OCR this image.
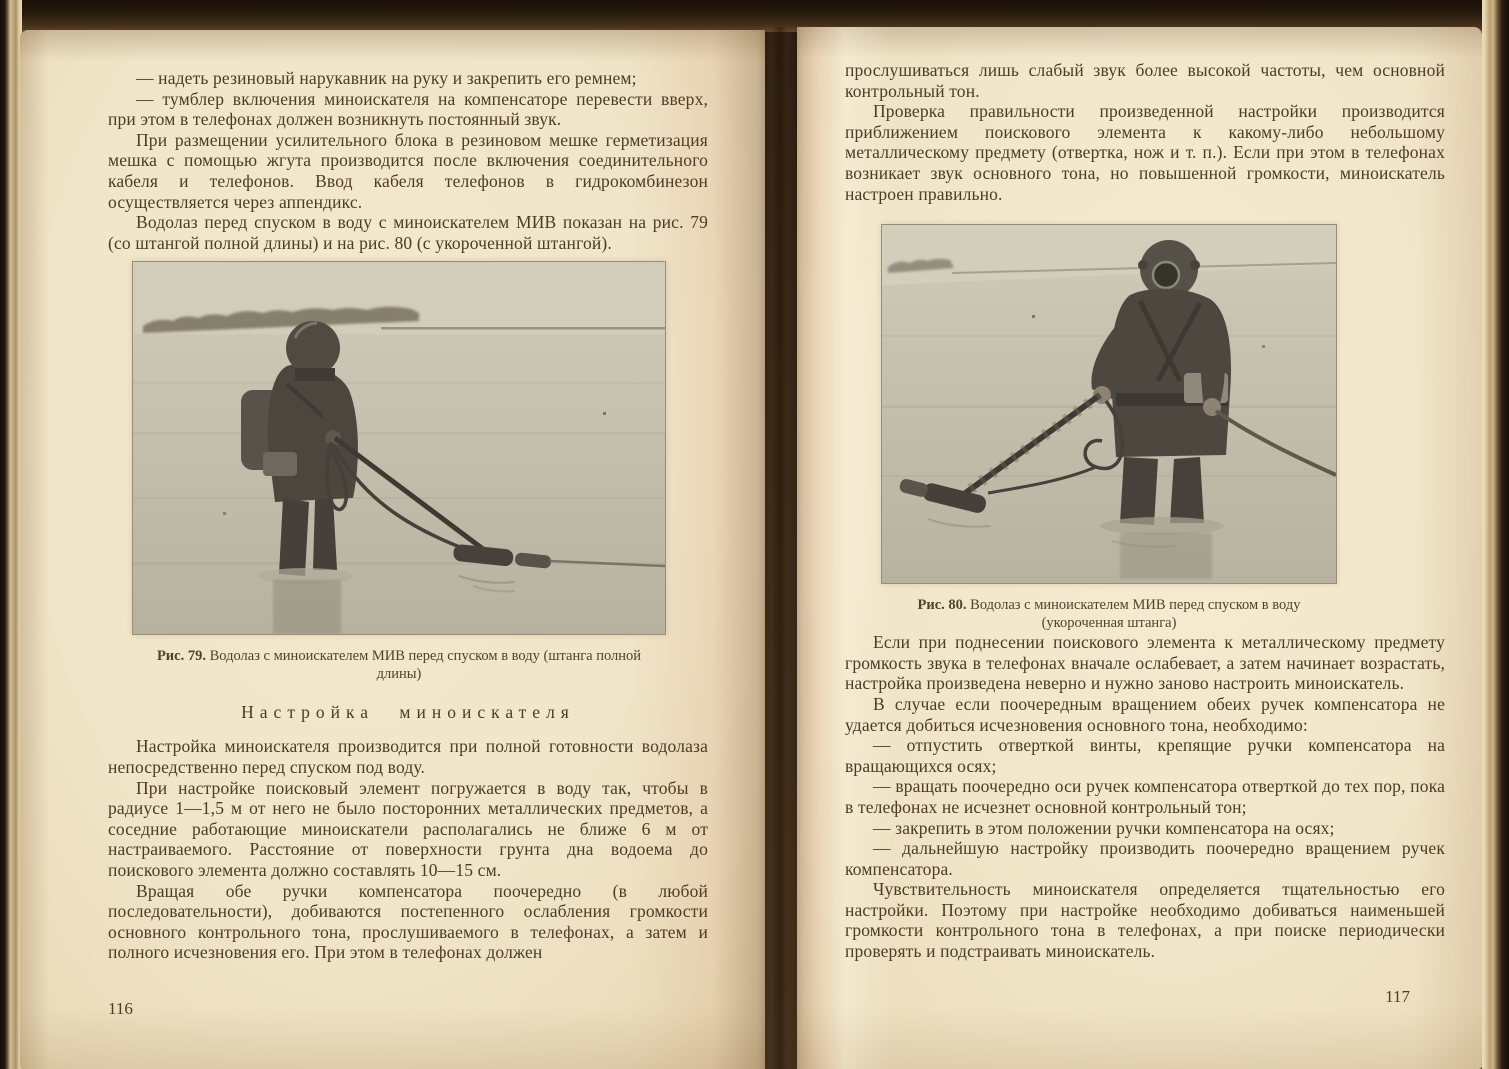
— надеть резиновый нарукавник на руку и закрепить его ремнем;

— тумблер включения миноискателя на компенсаторе перевести вверх, при этом в телефонах должен возникнуть постоянный звук.

При размещении усилительного блока в резиновом мешке герметизация мешка с помощью жгута производится после включения соединительного кабеля и телефонов. Ввод кабеля телефонов в гидрокомбинезон осуществляется через аппендикс.

Водолаз перед спуском в воду с миноискателем МИВ показан на рис. 79 (со штангой полной длины) и на рис. 80 (с укороченной штангой).

Рис. 79. Водолаз с миноискателем МИВ перед спуском в воду (штанга полной длины)
Настройка миноискателя

Настройка миноискателя производится при полной готовности водолаза непосредственно перед спуском под воду.

При настройке поисковый элемент погружается в воду так, чтобы в радиусе 1—1,5 м от него не было посторонних металлических предметов, а соседние работающие миноискатели располагались не ближе 6 м от настраиваемого. Расстояние от поверхности грунта дна водоема до поискового элемента должно составлять 10—15 см.

Вращая обе ручки компенсатора поочередно (в любой последовательности), добиваются постепенного ослабления громкости основного контрольного тона, прослушиваемого в телефонах, а затем и полного исчезновения его. При этом в телефонах должен

116

прослушиваться лишь слабый звук более высокой частоты, чем основной контрольный тон.

Проверка правильности произведенной настройки производится приближением поискового элемента к какому-либо небольшому металлическому предмету (отвертка, нож и т. п.). Если при этом в телефонах возникает звук основного тона, но повышенной громкости, миноискатель настроен правильно.

Рис. 80. Водолаз с миноискателем МИВ перед спуском в воду (укороченная штанга)

Если при поднесении поискового элемента к металлическому предмету громкость звука в телефонах вначале ослабевает, а затем начинает возрастать, настройка произведена неверно и нужно заново настроить миноискатель.

В случае если поочередным вращением обеих ручек компенсатора не удается добиться исчезновения основного тона, необходимо:

— отпустить отверткой винты, крепящие ручки компенсатора на вращающихся осях;

— вращать поочередно оси ручек компенсатора отверткой до тех пор, пока в телефонах не исчезнет основной контрольный тон;

— закрепить в этом положении ручки компенсатора на осях;

— дальнейшую настройку производить поочередно вращением ручек компенсатора.

Чувствительность миноискателя определяется тщательностью его настройки. Поэтому при настройке необходимо добиваться наименьшей громкости контрольного тона в телефонах, а при поиске периодически проверять и подстраивать миноискатель.

117
